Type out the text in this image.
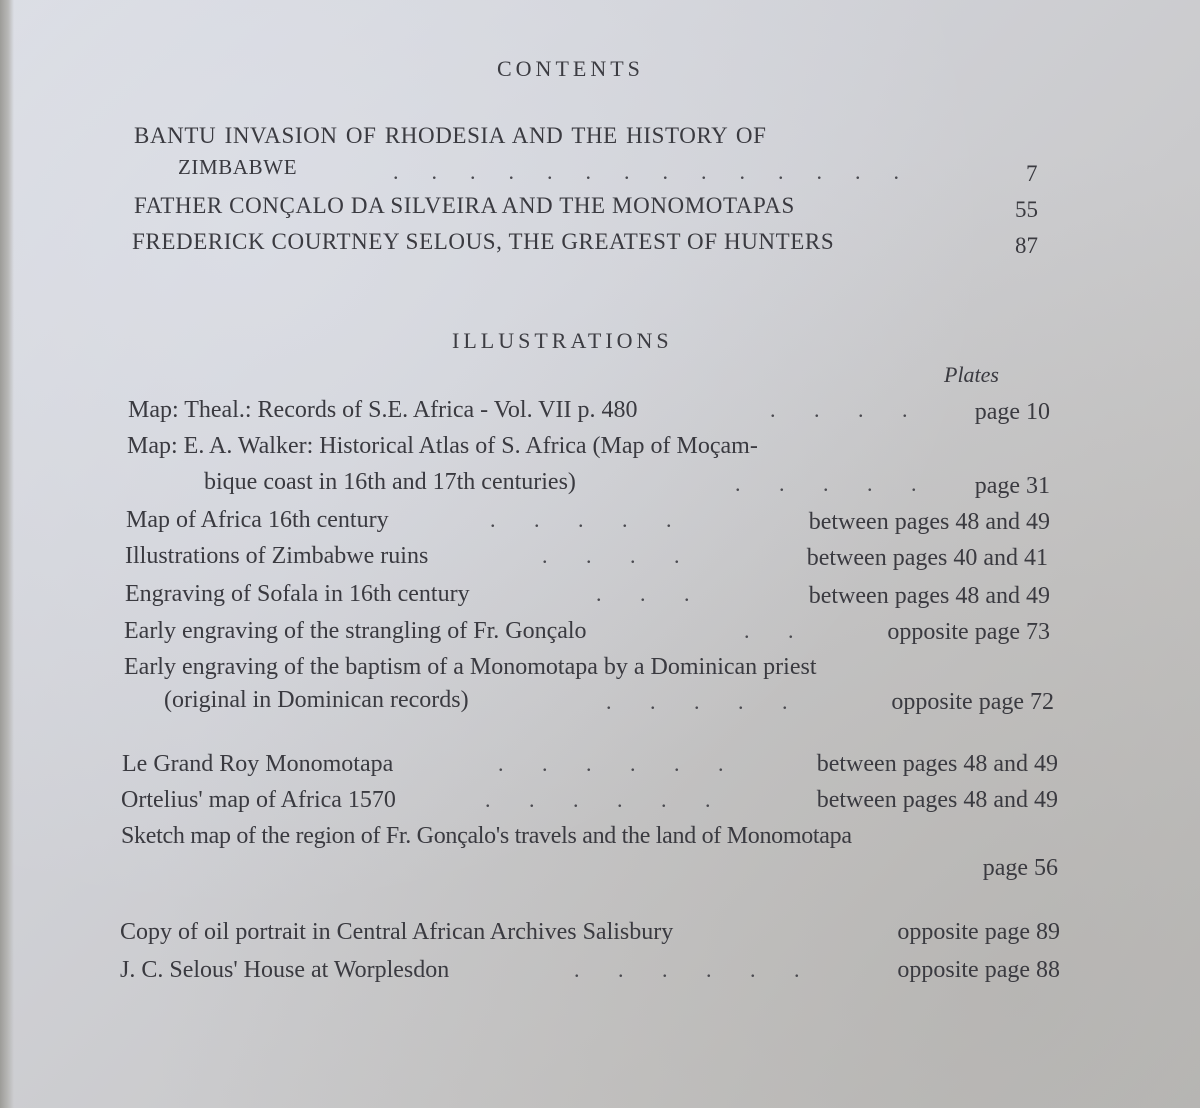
CONTENTS
BANTU INVASION OF RHODESIA AND THE HISTORY OF
ZIMBABWE	.      .      .      .      .      .      .      .      .      .      .      .      .      .	7
FATHER CONÇALO DA SILVEIRA AND THE MONOMOTAPAS	55
FREDERICK COURTNEY SELOUS, THE GREATEST OF HUNTERS	87
ILLUSTRATIONS
Plates
Map: Theal.: Records of S.E. Africa - Vol. VII p. 480	.       .       .       .	page 10
Map: E. A. Walker: Historical Atlas of S. Africa (Map of Moçam-
bique coast in 16th and 17th centuries)	.       .       .       .       . page 31
Map of Africa 16th century	.       .       .       .       .	between pages 48 and 49
Illustrations of Zimbabwe ruins	.       .       .       .	between pages 40 and 41
Engraving of Sofala in 16th century	.       .       .	between pages 48 and 49
Early engraving of the strangling of Fr. Gonçalo	.       .	opposite page 73
Early engraving of the baptism of a Monomotapa by a Dominican priest
(original in Dominican records)	.       .       .       .       .	opposite page 72
Le Grand Roy Monomotapa	.       .       .       .       .       .	between pages 48 and 49
Ortelius' map of Africa 1570	.       .       .       .       .       .	between pages 48 and 49
Sketch map of the region of Fr. Gonçalo's travels and the land of Monomotapa
page 56
Copy of oil portrait in Central African Archives Salisbury	opposite page 89
J. C. Selous' House at Worplesdon	.       .       .       .       .       .	opposite page 88
